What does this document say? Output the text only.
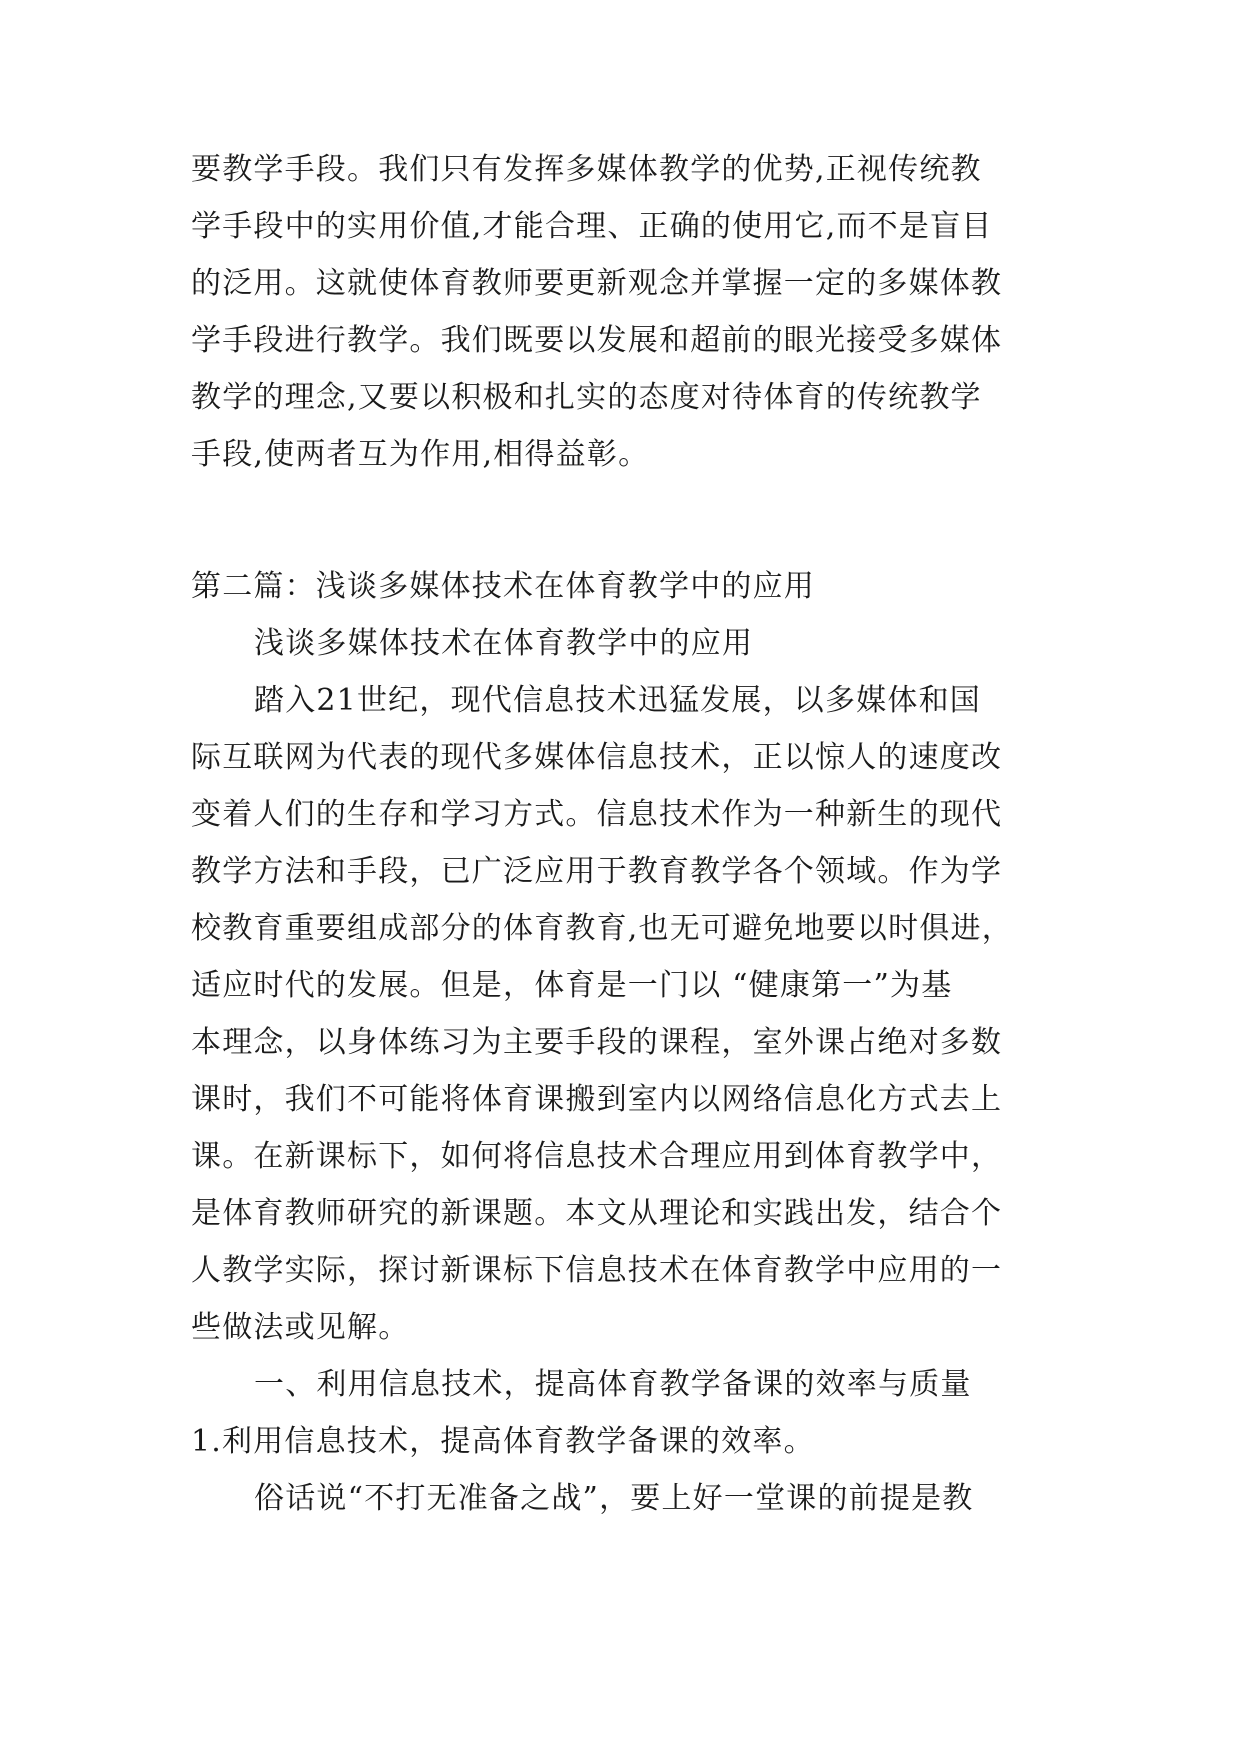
要教学手段。我们只有发挥多媒体教学的优势,正视传统教
学手段中的实用价值,才能合理、正确的使用它,而不是盲目
的泛用。这就使体育教师要更新观念并掌握一定的多媒体教
学手段进行教学。我们既要以发展和超前的眼光接受多媒体
教学的理念,又要以积极和扎实的态度对待体育的传统教学
手段,使两者互为作用,相得益彰。
第二篇：浅谈多媒体技术在体育教学中的应用
浅谈多媒体技术在体育教学中的应用
踏入21世纪，现代信息技术迅猛发展，以多媒体和国
际互联网为代表的现代多媒体信息技术，正以惊人的速度改
变着人们的生存和学习方式。信息技术作为一种新生的现代
教学方法和手段，已广泛应用于教育教学各个领域。作为学
校教育重要组成部分的体育教育,也无可避免地要以时俱进，
适应时代的发展。但是，体育是一门以 “健康第一”为基
本理念，以身体练习为主要手段的课程，室外课占绝对多数
课时，我们不可能将体育课搬到室内以网络信息化方式去上
课。在新课标下，如何将信息技术合理应用到体育教学中，
是体育教师研究的新课题。本文从理论和实践出发，结合个
人教学实际，探讨新课标下信息技术在体育教学中应用的一
些做法或见解。
一、利用信息技术，提高体育教学备课的效率与质量
1.利用信息技术，提高体育教学备课的效率。
俗话说“不打无准备之战”，要上好一堂课的前提是教
